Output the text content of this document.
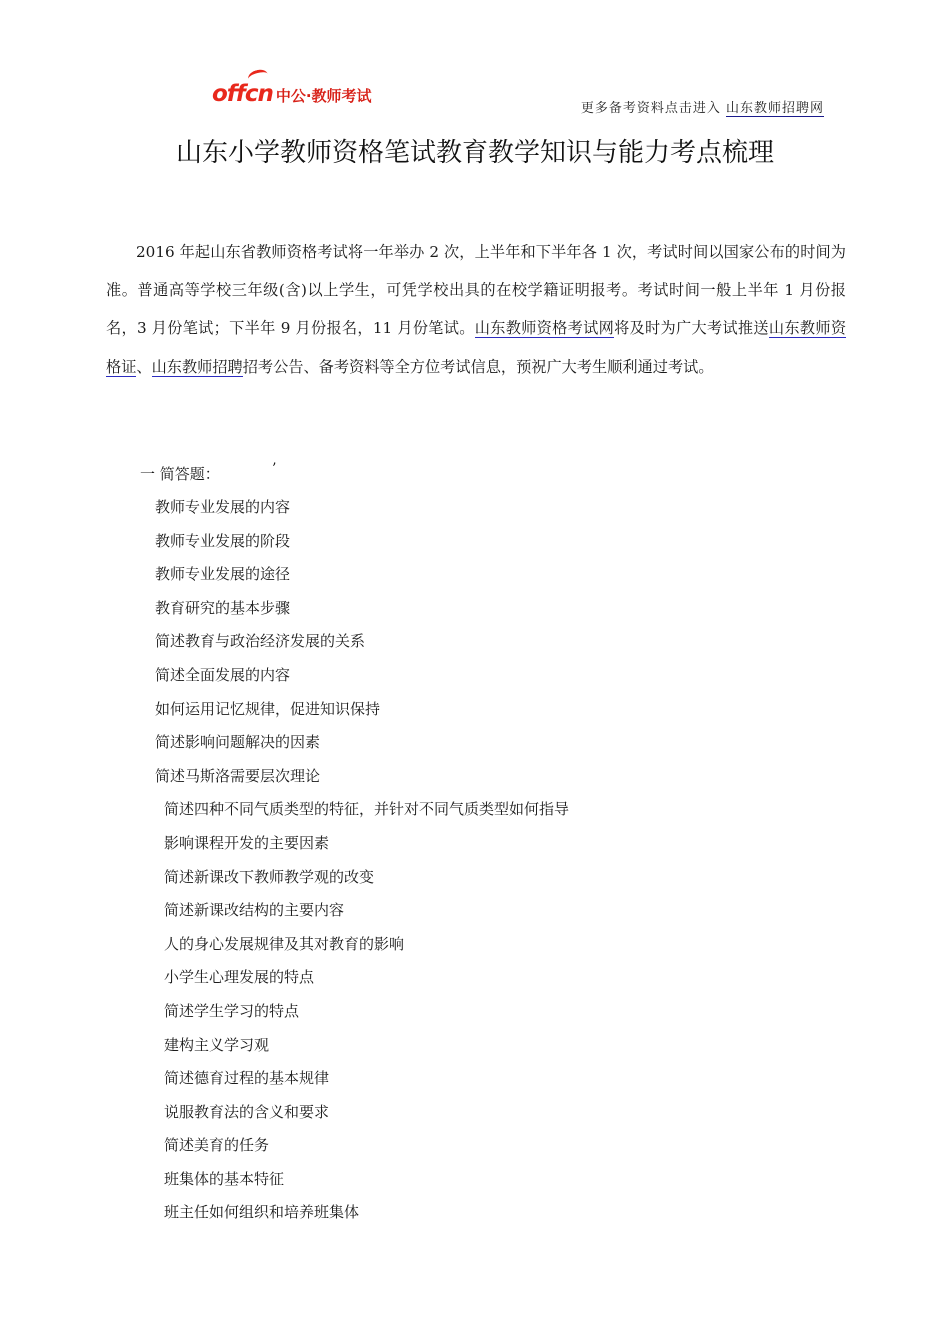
offcn 中公·教师考试
更多备考资料点击进入 山东教师招聘网
山东小学教师资格笔试教育教学知识与能力考点梳理

2016 年起山东省教师资格考试将一年举办 2 次，上半年和下半年各 1 次，考试时间以国家公布的时间为准。普通高等学校三年级(含)以上学生，可凭学校出具的在校学籍证明报考。考试时间一般上半年 1 月份报名，3 月份笔试；下半年 9 月份报名，11 月份笔试。山东教师资格考试网将及时为广大考试推送山东教师资格证、山东教师招聘招考公告、备考资料等全方位考试信息，预祝广大考生顺利通过考试。

一 简答题：	’
教师专业发展的内容
教师专业发展的阶段
教师专业发展的途径
教育研究的基本步骤
简述教育与政治经济发展的关系
简述全面发展的内容
如何运用记忆规律，促进知识保持
简述影响问题解决的因素
简述马斯洛需要层次理论
简述四种不同气质类型的特征，并针对不同气质类型如何指导
影响课程开发的主要因素
简述新课改下教师教学观的改变
简述新课改结构的主要内容
人的身心发展规律及其对教育的影响
小学生心理发展的特点
简述学生学习的特点
建构主义学习观
简述德育过程的基本规律
说服教育法的含义和要求
简述美育的任务
班集体的基本特征
班主任如何组织和培养班集体
